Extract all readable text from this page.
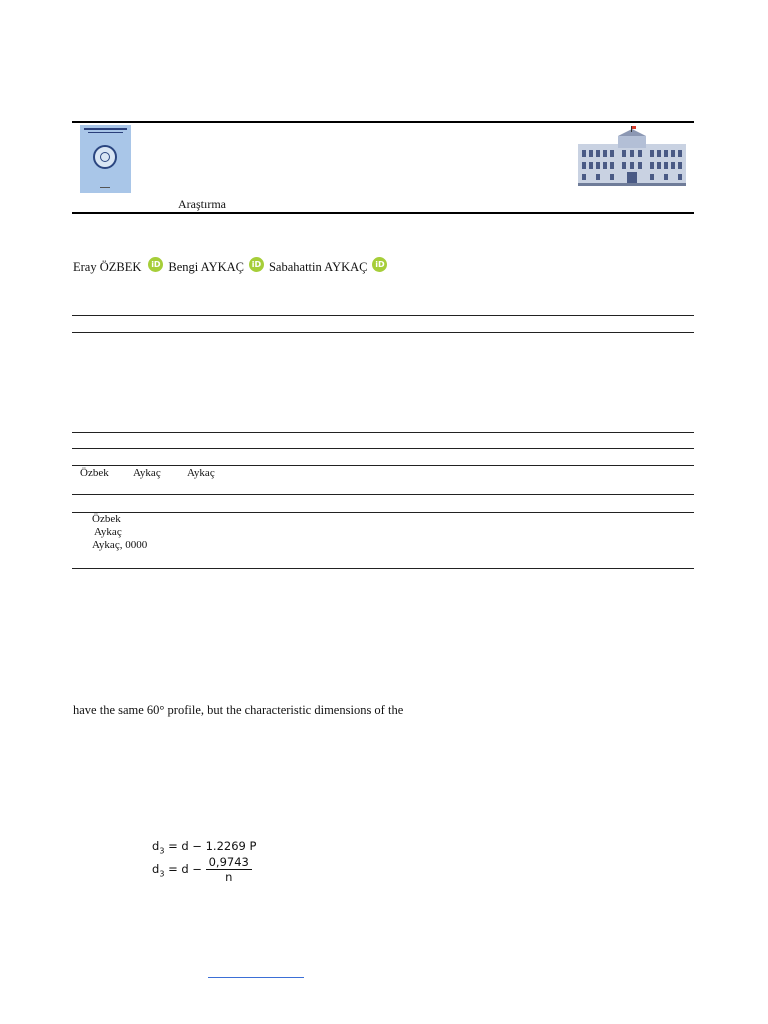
Araştırma
Eray ÖZBEK	iD Bengi AYKAÇ iD Sabahattin AYKAÇ iD
Özbek Aykaç Aykaç
Özbek
Aykaç
Aykaç, 0000
have the same 60° profile, but the characteristic dimensions of the
$d_3 = d - 1.2269$ P
$d_3 = d - \frac{0,9743}{n}$
